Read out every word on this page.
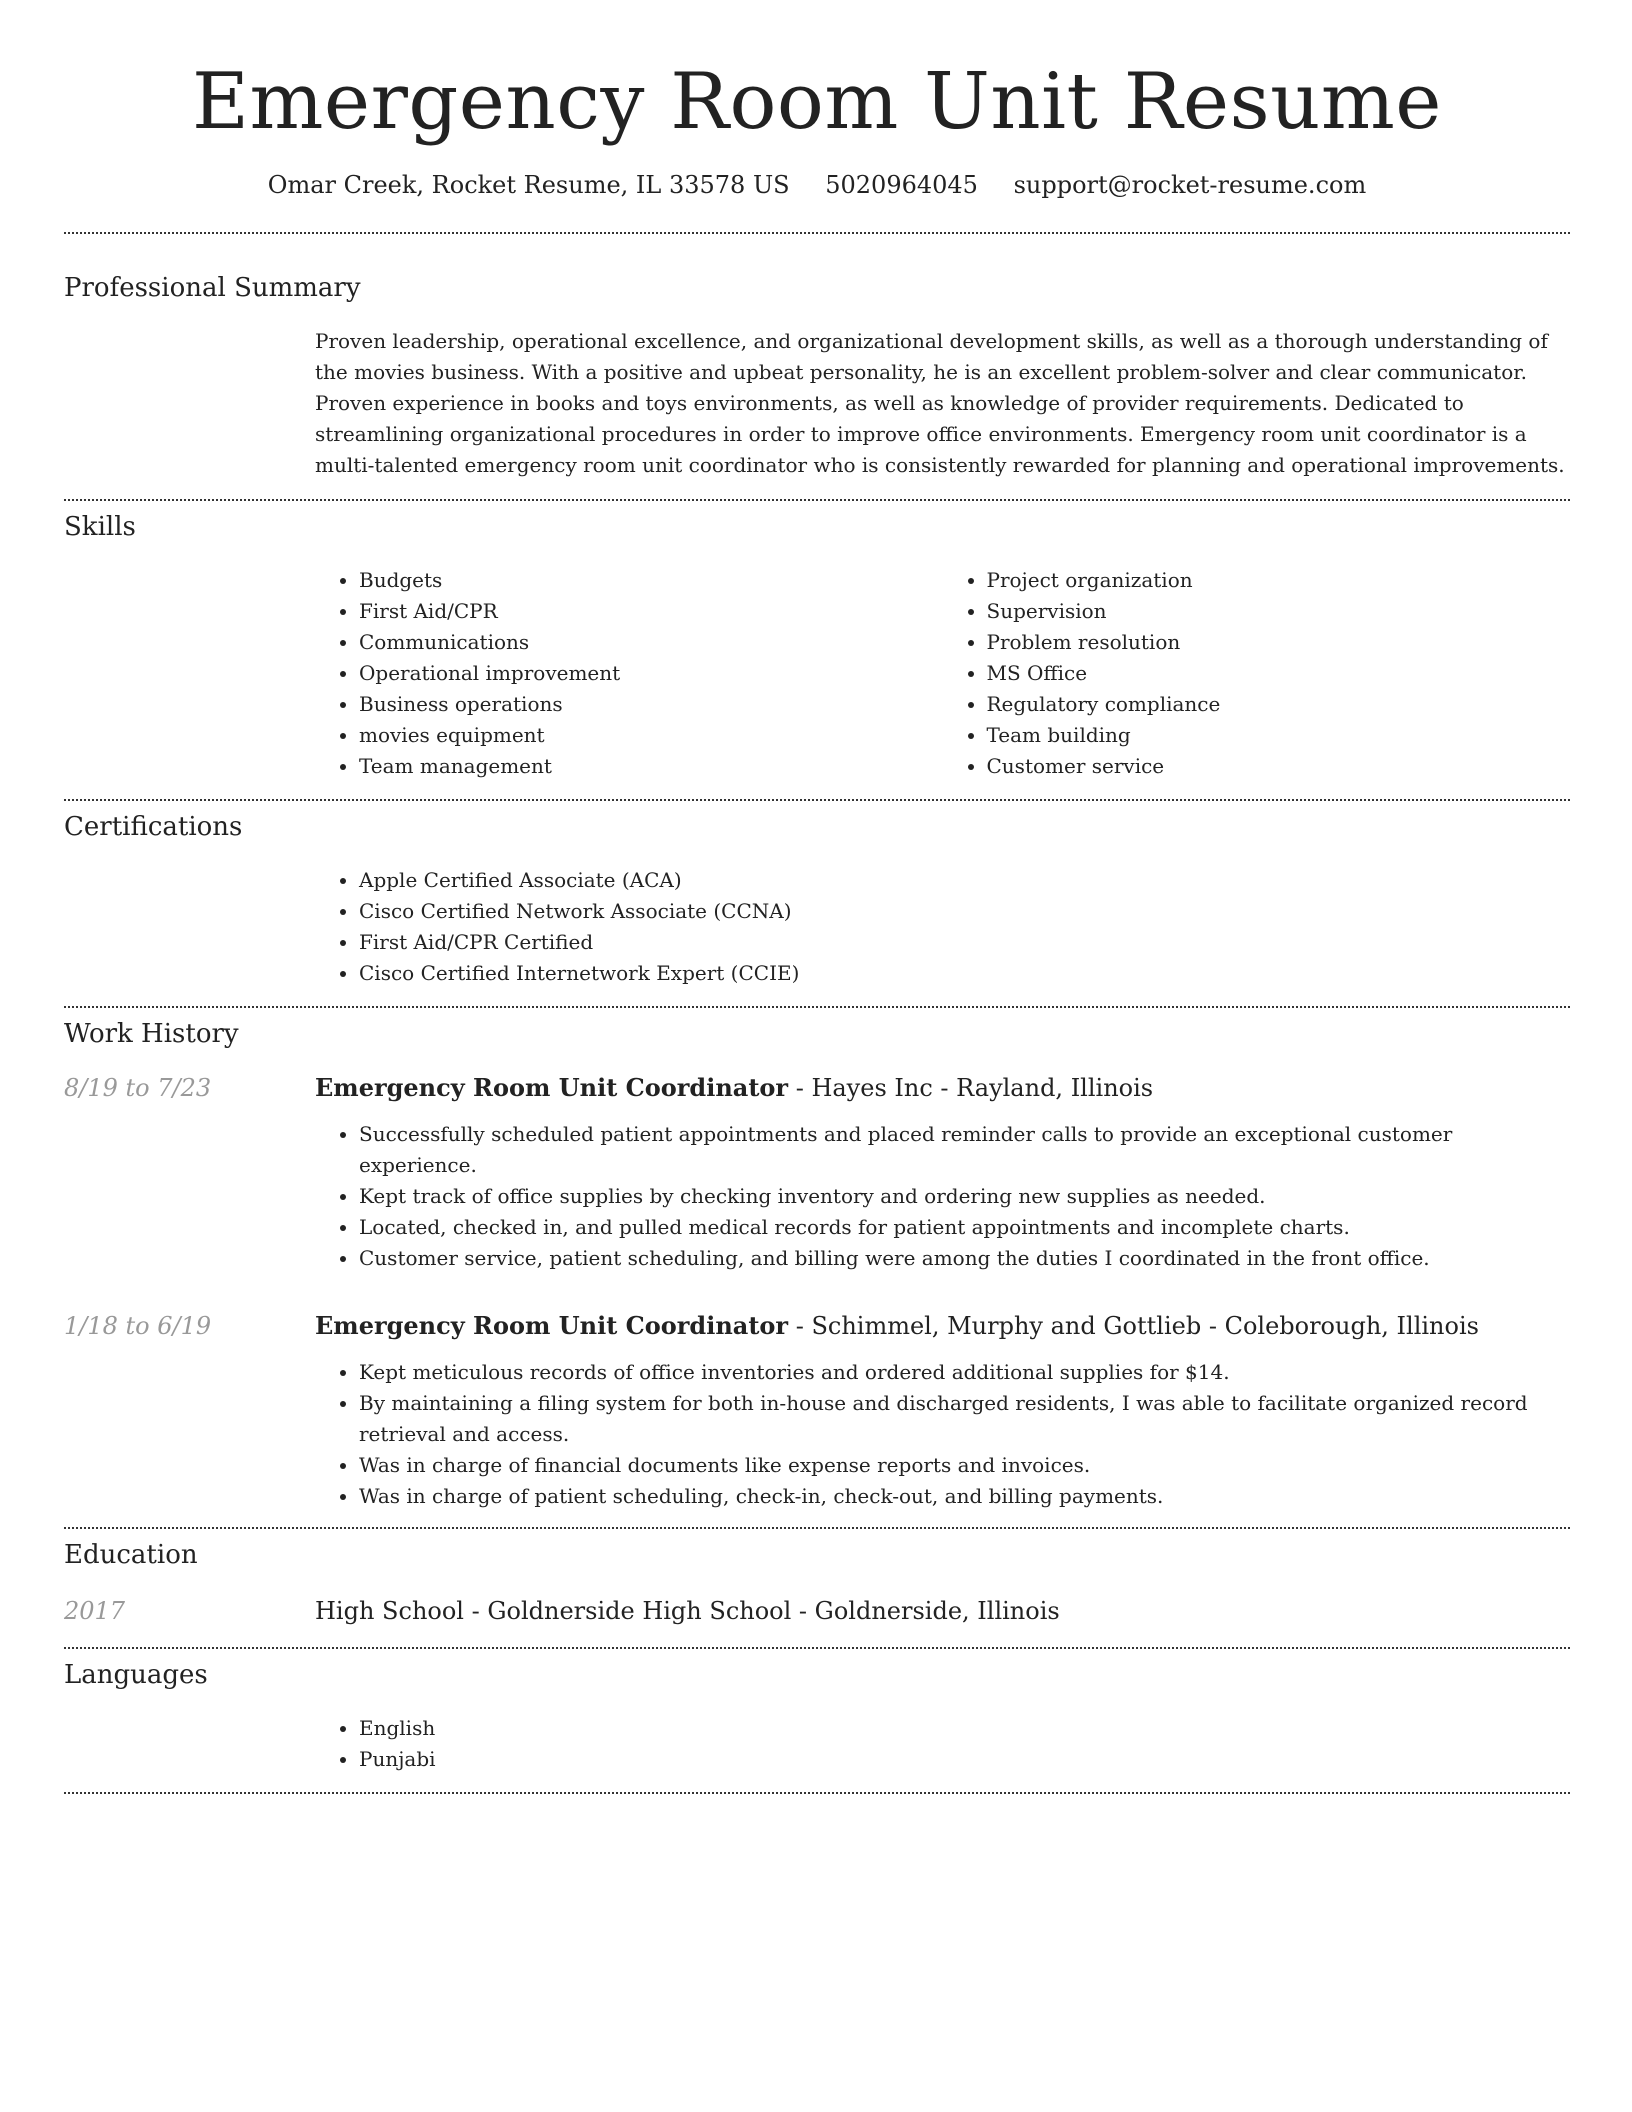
Emergency Room Unit Resume
Omar Creek, Rocket Resume, IL 33578 US 5020964045 support@rocket-resume.com
Professional Summary

Proven leadership, operational excellence, and organizational development skills, as well as a thorough understanding of the movies business. With a positive and upbeat personality, he is an excellent problem-solver and clear communicator. Proven experience in books and toys environments, as well as knowledge of provider requirements. Dedicated to streamlining organizational procedures in order to improve office environments. Emergency room unit coordinator is a multi-talented emergency room unit coordinator who is consistently rewarded for planning and operational improvements.

Skills
• Budgets
• First Aid/CPR
• Communications
• Operational improvement
• Business operations
• movies equipment
• Team management
• Project organization
• Supervision
• Problem resolution
• MS Office
• Regulatory compliance
• Team building
• Customer service
Certifications
• Apple Certified Associate (ACA)
• Cisco Certified Network Associate (CCNA)
• First Aid/CPR Certified
• Cisco Certified Internetwork Expert (CCIE)
Work History
8/19 to 7/23	Emergency Room Unit Coordinator - Hayes Inc - Rayland, Illinois
• Successfully scheduled patient appointments and placed reminder calls to provide an exceptional customer experience.
• Kept track of office supplies by checking inventory and ordering new supplies as needed.
• Located, checked in, and pulled medical records for patient appointments and incomplete charts.
• Customer service, patient scheduling, and billing were among the duties I coordinated in the front office.
1/18 to 6/19	Emergency Room Unit Coordinator - Schimmel, Murphy and Gottlieb - Coleborough, Illinois
• Kept meticulous records of office inventories and ordered additional supplies for $14.
• By maintaining a filing system for both in-house and discharged residents, I was able to facilitate organized record retrieval and access.
• Was in charge of financial documents like expense reports and invoices.
• Was in charge of patient scheduling, check-in, check-out, and billing payments.
Education
2017	High School - Goldnerside High School - Goldnerside, Illinois
Languages
• English
• Punjabi
